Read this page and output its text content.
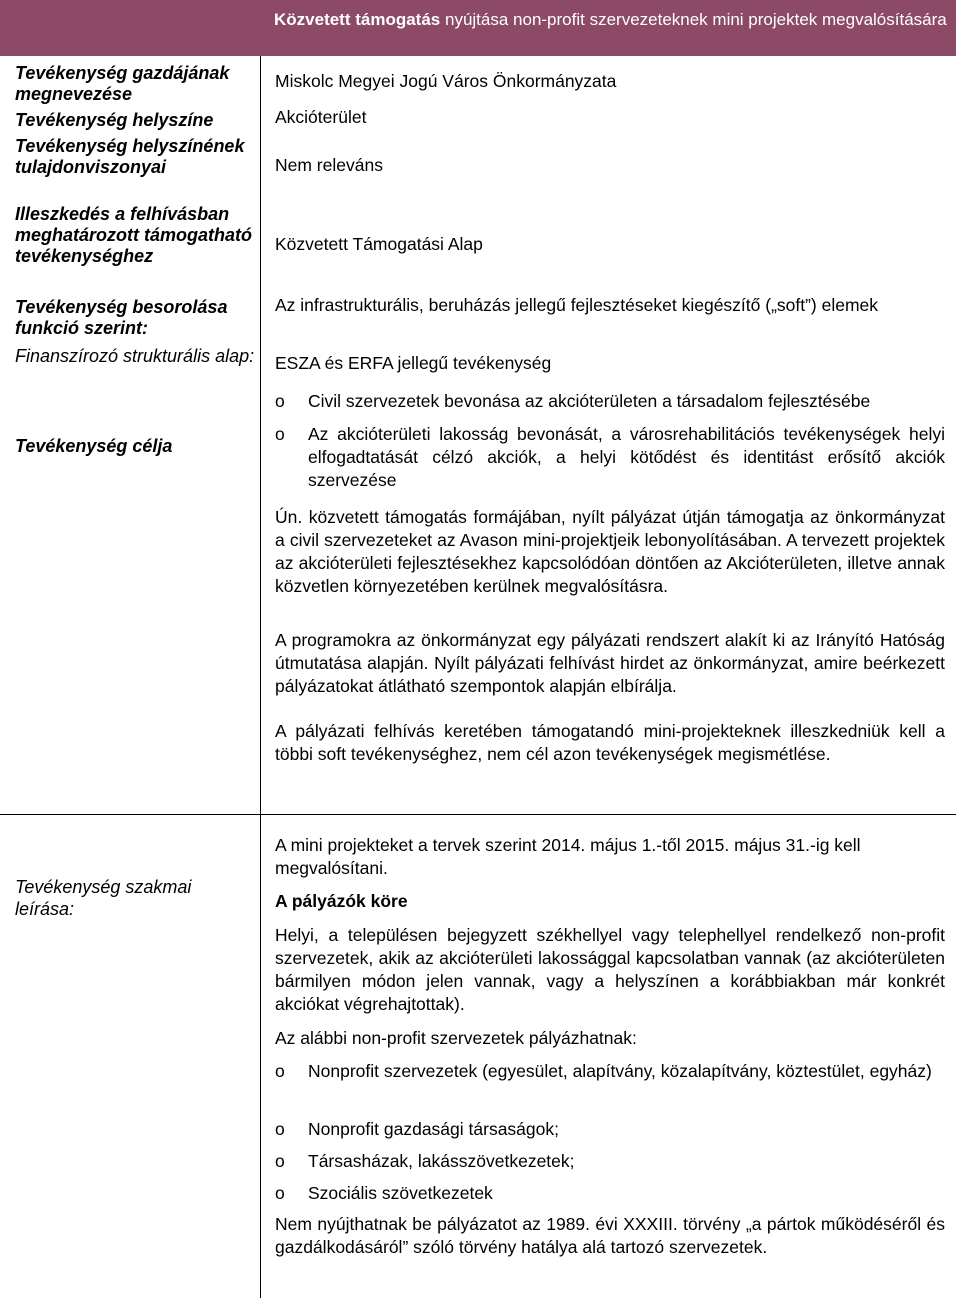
Közvetett támogatás nyújtása non-profit szervezeteknek mini projektek megvalósítására
Tevékenység gazdájának megnevezése
Tevékenység helyszíne
Tevékenység helyszínének tulajdonviszonyai
Illeszkedés a felhívásban meghatározott támogatható tevékenységhez
Tevékenység besorolása funkció szerint:
Finanszírozó strukturális alap:
Tevékenység célja
Tevékenység szakmai leírása:
Miskolc Megyei Jogú Város Önkormányzata
Akcióterület
Nem releváns
Közvetett Támogatási Alap
Az infrastrukturális, beruházás jellegű fejlesztéseket kiegészítő („soft”) elemek
ESZA és ERFA jellegű tevékenység
o Civil szervezetek bevonása az akcióterületen a társadalom fejlesztésébe
o Az akcióterületi lakosság bevonását, a városrehabilitációs tevékenységek helyi elfogadtatását célzó akciók, a helyi kötődést és identitást erősítő akciók szervezése
Ún. közvetett támogatás formájában, nyílt pályázat útján támogatja az önkormányzat a civil szervezeteket az Avason mini-projektjeik lebonyolításában. A tervezett projektek az akcióterületi fejlesztésekhez kapcsolódóan döntően az Akcióterületen, illetve annak közvetlen környezetében kerülnek megvalósításra.
A programokra az önkormányzat egy pályázati rendszert alakít ki az Irányító Hatóság útmutatása alapján. Nyílt pályázati felhívást hirdet az önkormányzat, amire beérkezett pályázatokat átlátható szempontok alapján elbírálja.
A pályázati felhívás keretében támogatandó mini-projekteknek illeszkedniük kell a többi soft tevékenységhez, nem cél azon tevékenységek megismétlése.
A mini projekteket a tervek szerint 2014. május 1.-től 2015. május 31.-ig kell megvalósítani.
A pályázók köre
Helyi, a településen bejegyzett székhellyel vagy telephellyel rendelkező non-profit szervezetek, akik az akcióterületi lakossággal kapcsolatban vannak (az akcióterületen bármilyen módon jelen vannak, vagy a helyszínen a korábbiakban már konkrét akciókat végrehajtottak).
Az alábbi non-profit szervezetek pályázhatnak:
o Nonprofit szervezetek (egyesület, alapítvány, közalapítvány, köztestület, egyház)
o Nonprofit gazdasági társaságok;
o Társasházak, lakásszövetkezetek;
o Szociális szövetkezetek
Nem nyújthatnak be pályázatot az 1989. évi XXXIII. törvény „a pártok működéséről és gazdálkodásáról” szóló törvény hatálya alá tartozó szervezetek.
